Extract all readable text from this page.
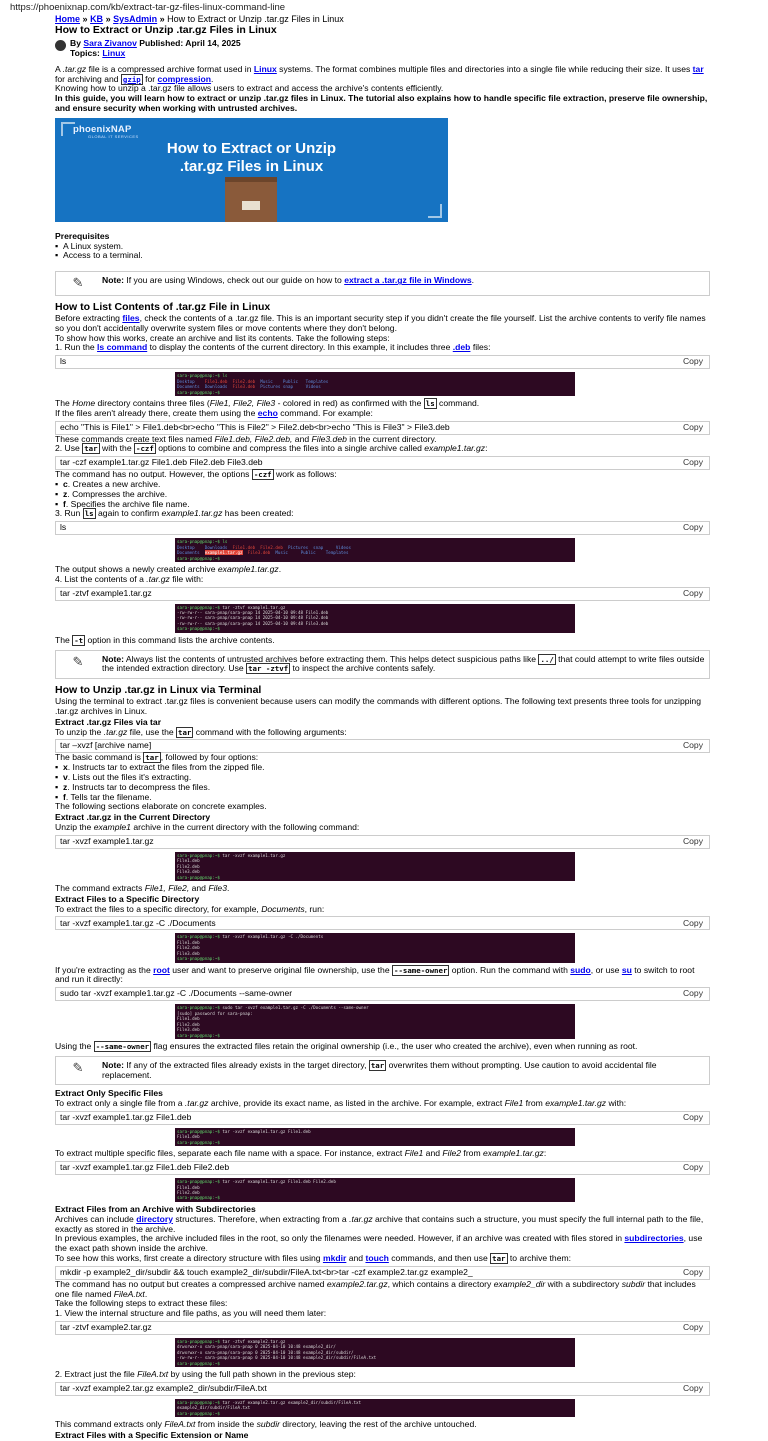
https://phoenixnap.com/kb/extract-tar-gz-files-linux-command-line
Home » KB » SysAdmin » How to Extract or Unzip .tar.gz Files in Linux
How to Extract or Unzip .tar.gz Files in Linux
By Sara Zivanov Published: April 14, 2025
Topics: Linux

A .tar.gz file is a compressed archive format used in Linux systems. The format combines multiple files and directories into a single file while reducing their size. It uses tar for archiving and gzip for compression.

Knowing how to unzip a .tar.gz file allows users to extract and access the archive's contents efficiently.

In this guide, you will learn how to extract or unzip .tar.gz files in Linux. The tutorial also explains how to handle specific file extraction, preserve file ownership, and ensure security when working with untrusted archives.

phoenixNAP
GLOBAL IT SERVICES
How to Extract or Unzip
.tar.gz Files in Linux
Prerequisites
▪ A Linux system.
▪ Access to a terminal.
✎	Note: If you are using Windows, check out our guide on how to extract a .tar.gz file in Windows.
How to List Contents of .tar.gz File in Linux

Before extracting files, check the contents of a .tar.gz file. This is an important security step if you didn't create the file yourself. List the archive contents to verify file names so you don't accidentally overwrite system files or move contents where they don't belong.

To show how this works, create an archive and list its contents. Take the following steps:

1. Run the ls command to display the contents of the current directory. In this example, it includes three .deb files:

ls	Copy
sara-pnap@pnap:~$ ls
Desktop    File1.deb  File2.deb  Music    Public   Templates
Documents  Downloads  File3.deb  Pictures snap     Videos
sara-pnap@pnap:~$

The Home directory contains three files (File1, File2, File3 - colored in red) as confirmed with the ls command.

If the files aren't already there, create them using the echo command. For example:

echo "This is File1" > File1.deb<br>echo "This is File2" > File2.deb<br>echo "This is File3" > File3.deb	Copy

These commands create text files named File1.deb, File2.deb, and File3.deb in the current directory.

2. Use tar with the -czf options to combine and compress the files into a single archive called example1.tar.gz:

tar -czf example1.tar.gz File1.deb File2.deb File3.deb	Copy

The command has no output. However, the options -czf work as follows:

▪ c. Creates a new archive.
▪ z. Compresses the archive.
▪ f. Specifies the archive file name.

3. Run ls again to confirm example1.tar.gz has been created:

ls	Copy
sara-pnap@pnap:~$ ls
Desktop    Downloads  File1.deb  File2.deb  Pictures  snap     Videos
Documents  example1.tar.gz File3.deb  Music     Public    Templates
sara-pnap@pnap:~$

The output shows a newly created archive example1.tar.gz.

4. List the contents of a .tar.gz file with:

tar -ztvf example1.tar.gz	Copy
sara-pnap@pnap:~$ tar -ztvf example1.tar.gz
-rw-rw-r-- sara-pnap/sara-pnap 14 2025-04-10 09:48 File1.deb
-rw-rw-r-- sara-pnap/sara-pnap 14 2025-04-10 09:48 File2.deb
-rw-rw-r-- sara-pnap/sara-pnap 14 2025-04-10 09:48 File3.deb
sara-pnap@pnap:~$

The -t option in this command lists the archive contents.

✎	Note: Always list the contents of untrusted archives before extracting them. This helps detect suspicious paths like ../ that could attempt to write files outside the intended extraction directory. Use tar -ztvf to inspect the archive contents safely.
How to Unzip .tar.gz in Linux via Terminal

Using the terminal to extract .tar.gz files is convenient because users can modify the commands with different options. The following text presents three tools for unzipping .tar.gz archives in Linux.

Extract .tar.gz Files via tar

To unzip the .tar.gz file, use the tar command with the following arguments:

tar –xvzf [archive name]	Copy

The basic command is tar , followed by four options:

▪ x. Instructs tar to extract the files from the zipped file.
▪ v. Lists out the files it's extracting.
▪ z. Instructs tar to decompress the files.
▪ f. Tells tar the filename.

The following sections elaborate on concrete examples.

Extract .tar.gz in the Current Directory

Unzip the example1 archive in the current directory with the following command:

tar -xvzf example1.tar.gz	Copy
sara-pnap@pnap:~$ tar -xvzf example1.tar.gz
File1.deb
File2.deb
File3.deb
sara-pnap@pnap:~$

The command extracts File1, File2, and File3.

Extract Files to a Specific Directory

To extract the files to a specific directory, for example, Documents, run:

tar -xvzf example1.tar.gz -C ./Documents	Copy
sara-pnap@pnap:~$ tar -xvzf example1.tar.gz -C ./Documents
File1.deb
File2.deb
File3.deb
sara-pnap@pnap:~$

If you're extracting as the root user and want to preserve original file ownership, use the --same-owner option. Run the command with sudo, or use su to switch to root and run it directly:

sudo tar -xvzf example1.tar.gz -C ./Documents --same-owner	Copy
sara-pnap@pnap:~$ sudo tar -xvzf example1.tar.gz -C ./Documents --same-owner
[sudo] password for sara-pnap:
File1.deb
File2.deb
File3.deb
sara-pnap@pnap:~$

Using the --same-owner flag ensures the extracted files retain the original ownership (i.e., the user who created the archive), even when running as root.

✎	Note: If any of the extracted files already exists in the target directory, tar overwrites them without prompting. Use caution to avoid accidental file replacement.
Extract Only Specific Files

To extract only a single file from a .tar.gz archive, provide its exact name, as listed in the archive. For example, extract File1 from example1.tar.gz with:

tar -xvzf example1.tar.gz File1.deb	Copy
sara-pnap@pnap:~$ tar -xvzf example1.tar.gz File1.deb
File1.deb
sara-pnap@pnap:~$

To extract multiple specific files, separate each file name with a space. For instance, extract File1 and File2 from example1.tar.gz:

tar -xvzf example1.tar.gz File1.deb File2.deb	Copy
sara-pnap@pnap:~$ tar -xvzf example1.tar.gz File1.deb File2.deb
File1.deb
File2.deb
sara-pnap@pnap:~$
Extract Files from an Archive with Subdirectories

Archives can include directory structures. Therefore, when extracting from a .tar.gz archive that contains such a structure, you must specify the full internal path to the file, exactly as stored in the archive.

In previous examples, the archive included files in the root, so only the filenames were needed. However, if an archive was created with files stored in subdirectories, use the exact path shown inside the archive.

To see how this works, first create a directory structure with files using mkdir and touch commands, and then use tar to archive them:

mkdir -p example2_dir/subdir && touch example2_dir/subdir/FileA.txt<br>tar -czf example2.tar.gz example2_	Copy

The command has no output but creates a compressed archive named example2.tar.gz, which contains a directory example2_dir with a subdirectory subdir that includes one file named FileA.txt.

Take the following steps to extract these files:

1. View the internal structure and file paths, as you will need them later:

tar -ztvf example2.tar.gz	Copy
sara-pnap@pnap:~$ tar -ztvf example2.tar.gz
drwxrwxr-x sara-pnap/sara-pnap 0 2025-04-10 10:48 example2_dir/
drwxrwxr-x sara-pnap/sara-pnap 0 2025-04-10 10:48 example2_dir/subdir/
-rw-rw-r-- sara-pnap/sara-pnap 0 2025-04-10 10:48 example2_dir/subdir/FileA.txt
sara-pnap@pnap:~$

2. Extract just the file FileA.txt by using the full path shown in the previous step:

tar -xvzf example2.tar.gz example2_dir/subdir/FileA.txt	Copy
sara-pnap@pnap:~$ tar -xvzf example2.tar.gz example2_dir/subdir/FileA.txt
example2_dir/subdir/FileA.txt
sara-pnap@pnap:~$

This command extracts only FileA.txt from inside the subdir directory, leaving the rest of the archive untouched.

Extract Files with a Specific Extension or Name
